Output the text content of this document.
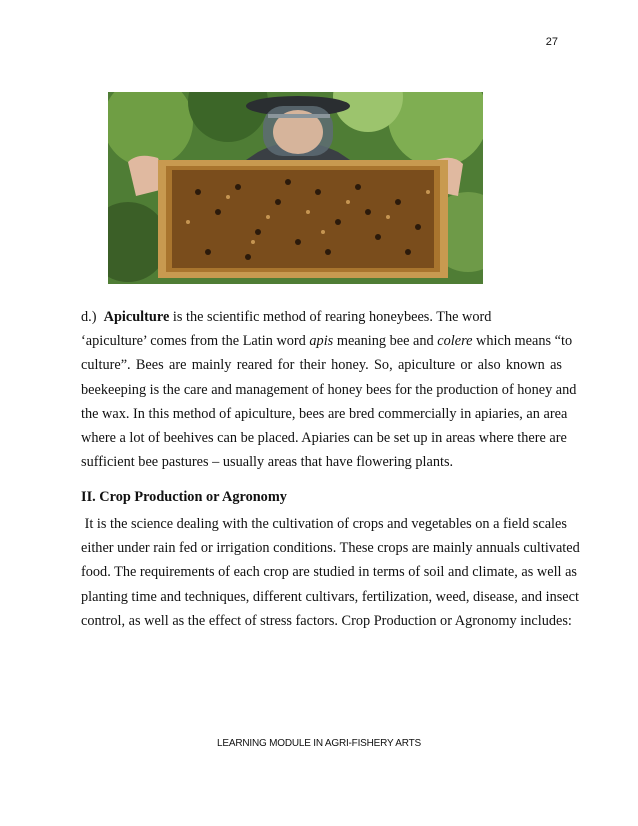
27
d.) Apiculture is the scientific method of rearing honeybees. The word
‘apiculture’ comes from the Latin word apis meaning bee and colere which means “to
culture”. Bees are mainly reared for their honey. So, apiculture or also known as
beekeeping is the care and management of honey bees for the production of honey and
the wax. In this method of apiculture, bees are bred commercially in apiaries, an area
where a lot of beehives can be placed. Apiaries can be set up in areas where there are
sufficient bee pastures – usually areas that have flowering plants.
II. Crop Production or Agronomy
It is the science dealing with the cultivation of crops and vegetables on a field scales
either under rain fed or irrigation conditions. These crops are mainly annuals cultivated
food. The requirements of each crop are studied in terms of soil and climate, as well as
planting time and techniques, different cultivars, fertilization, weed, disease, and insect
control, as well as the effect of stress factors. Crop Production or Agronomy includes:
LEARNING MODULE IN AGRI-FISHERY ARTS
